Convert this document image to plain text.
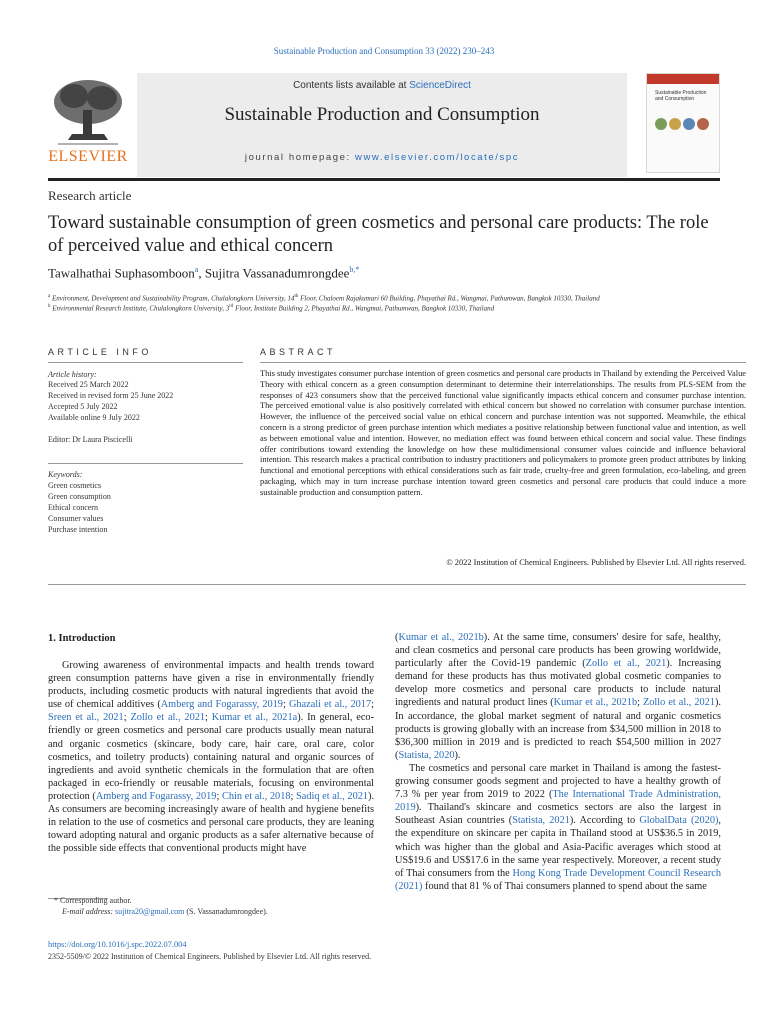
Sustainable Production and Consumption 33 (2022) 230–243
Contents lists available at ScienceDirect
Sustainable Production and Consumption
journal homepage: www.elsevier.com/locate/spc
ELSEVIER
Sustainable Production and Consumption
Research article
Toward sustainable consumption of green cosmetics and personal care products: The role of perceived value and ethical concern
Tawalhathai Suphasomboon$^a$, Sujitra Vassanadumrongdee$^{b,*}$
$^a$ Environment, Development and Sustainability Program, Chulalongkorn University, 14th Floor, Chaloem Rajakumari 60 Building, Phayathai Rd., Wangmai, Pathumwan, Bangkok 10330, Thailand
$^b$ Environmental Research Institute, Chulalongkorn University, 3rd Floor, Institute Building 2, Phayathai Rd., Wangmai, Pathumwan, Bangkok 10330, Thailand
ARTICLE INFO	ABSTRACT
Article history:
Received 25 March 2022
Received in revised form 25 June 2022
Accepted 5 July 2022
Available online 9 July 2022
Editor: Dr Laura Piscicelli
Keywords:
Green cosmetics
Green consumption
Ethical concern
Consumer values
Purchase intention
This study investigates consumer purchase intention of green cosmetics and personal care products in Thailand by extending the Perceived Value Theory with ethical concern as a green consumption determinant to determine their interrelationships. The results from PLS-SEM from the responses of 423 consumers show that the perceived functional value significantly impacts ethical concern and consumer purchase intention. The perceived emotional value is also positively correlated with ethical concern but showed no correlation with consumer purchase intention. However, the influence of the perceived social value on ethical concern and purchase intention was not supported. Meanwhile, the ethical concern is a strong predictor of green purchase intention which mediates a positive relationship between functional value and intention, as well as between emotional value and intention. However, no mediation effect was found between ethical concern and social value. These findings offer contributions toward extending the knowledge on how these multidimensional consumer values coincide and influence behavioral intention. This research makes a practical contribution to industry practitioners and policymakers to promote green product attributes by linking functional and emotional perceptions with ethical considerations such as fair trade, cruelty-free and green formulation, eco-labeling, and green packaging, which may in turn increase purchase intention toward green cosmetics and personal care products that could induce a more sustainable production and consumption pattern.
© 2022 Institution of Chemical Engineers. Published by Elsevier Ltd. All rights reserved.
1. Introduction

Growing awareness of environmental impacts and health trends toward green consumption patterns have given a rise in environmentally friendly products, including cosmetic products with natural ingredients that avoid the use of chemical additives (Amberg and Fogarassy, 2019; Ghazali et al., 2017; Sreen et al., 2021; Zollo et al., 2021; Kumar et al., 2021a). In general, eco-friendly or green cosmetics and personal care products usually mean natural and organic cosmetics (skincare, body care, hair care, oral care, color cosmetics, and toiletry products) containing natural and organic sources of ingredients and avoid synthetic chemicals in the formulation that are often packaged in eco-friendly or reusable materials, focusing on environmental protection (Amberg and Fogarassy, 2019; Chin et al., 2018; Sadiq et al., 2021). As consumers are becoming increasingly aware of health and hygiene benefits in relation to the use of cosmetics and personal care products, they are leaning toward adopting natural and organic products as a safer alternative because of the possible side effects that conventional products might have

(Kumar et al., 2021b). At the same time, consumers' desire for safe, healthy, and clean cosmetics and personal care products has been growing worldwide, particularly after the Covid-19 pandemic (Zollo et al., 2021). Increasing demand for these products has thus motivated global cosmetic companies to develop more cosmetics and personal care products to include natural ingredients and natural product lines (Kumar et al., 2021b; Zollo et al., 2021). In accordance, the global market segment of natural and organic cosmetics products is growing globally with an increase from $34,500 million in 2018 to $36,300 million in 2019 and is predicted to reach $54,500 million in 2027 (Statista, 2020).

The cosmetics and personal care market in Thailand is among the fastest-growing consumer goods segment and projected to have a healthy growth of 7.3 % per year from 2019 to 2022 (The International Trade Administration, 2019). Thailand's skincare and cosmetics sectors are also the largest in Southeast Asian countries (Statista, 2021). According to GlobalData (2020), the expenditure on skincare per capita in Thailand stood at US$36.5 in 2019, which was higher than the global and Asia-Pacific averages which stood at US$19.6 and US$17.6 in the same year respectively. Moreover, a recent study of Thai consumers from the Hong Kong Trade Development Council Research (2021) found that 81 % of Thai consumers planned to spend about the same

* Corresponding author.
E-mail address: sujitra20@gmail.com (S. Vassanadumrongdee).
https://doi.org/10.1016/j.spc.2022.07.004
2352-5509/© 2022 Institution of Chemical Engineers. Published by Elsevier Ltd. All rights reserved.
